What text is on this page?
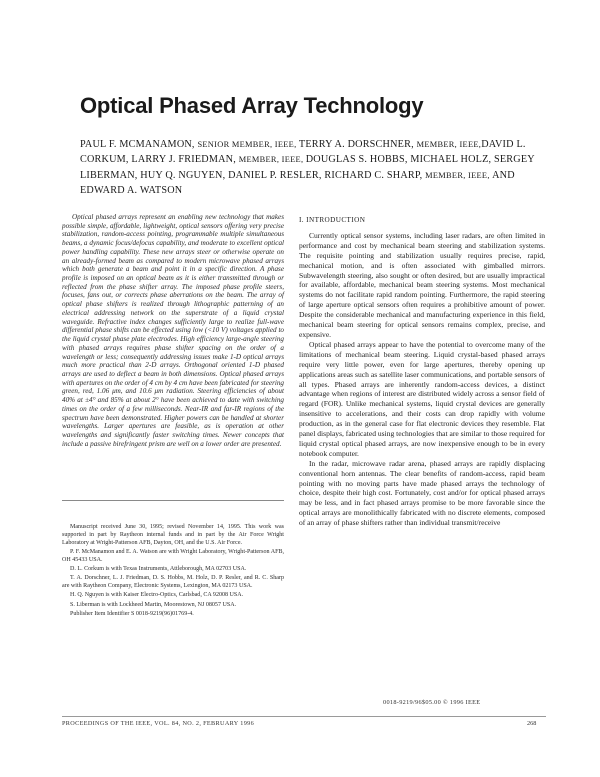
Optical Phased Array Technology
PAUL F. MCMANAMON, SENIOR MEMBER, IEEE, TERRY A. DORSCHNER, MEMBER, IEEE,DAVID L. CORKUM, LARRY J. FRIEDMAN, MEMBER, IEEE, DOUGLAS S. HOBBS, MICHAEL HOLZ, SERGEY LIBERMAN, HUY Q. NGUYEN, DANIEL P. RESLER, RICHARD C. SHARP, MEMBER, IEEE, AND EDWARD A. WATSON

Optical phased arrays represent an enabling new technology that makes possible simple, affordable, lightweight, optical sensors offering very precise stabilization, random-access pointing, programmable multiple simultaneous beams, a dynamic focus/defocus capability, and moderate to excellent optical power handling capability. These new arrays steer or otherwise operate on an already-formed beam as compared to modern microwave phased arrays which both generate a beam and point it in a specific direction. A phase profile is imposed on an optical beam as it is either transmitted through or reflected from the phase shifter array. The imposed phase profile steers, focuses, fans out, or corrects phase aberrations on the beam. The array of optical phase shifters is realized through lithographic patterning of an electrical addressing network on the superstrate of a liquid crystal waveguide. Refractive index changes sufficiently large to realize full-wave differential phase shifts can be effected using low (<10 V) voltages applied to the liquid crystal phase plate electrodes. High efficiency large-angle steering with phased arrays requires phase shifter spacing on the order of a wavelength or less; consequently addressing issues make 1-D optical arrays much more practical than 2-D arrays. Orthogonal oriented 1-D phased arrays are used to deflect a beam in both dimensions. Optical phased arrays with apertures on the order of 4 cm by 4 cm have been fabricated for steering green, red, 1.06 μm, and 10.6 μm radiation. Steering efficiencies of about 40% at ±4° and 85% at about 2° have been achieved to date with switching times on the order of a few milliseconds. Near-IR and far-IR regions of the spectrum have been demonstrated. Higher powers can be handled at shorter wavelengths. Larger apertures are feasible, as is operation at other wavelengths and significantly faster switching times. Newer concepts that include a passive birefringent prism are well on a lower order are presented.

Manuscript received June 30, 1995; revised November 14, 1995. This work was supported in part by Raytheon internal funds and in part by the Air Force Wright Laboratory at Wright-Patterson AFB, Dayton, OH, and the U.S. Air Force.

P. F. McManamon and E. A. Watson are with Wright Laboratory, Wright-Patterson AFB, OH 45433 USA.

D. L. Corkum is with Texas Instruments, Attleborough, MA 02703 USA.

T. A. Dorschner, L. J. Friedman, D. S. Hobbs, M. Holz, D. P. Resler, and R. C. Sharp are with Raytheon Company, Electronic Systems, Lexington, MA 02173 USA.

H. Q. Nguyen is with Kaiser Electro-Optics, Carlsbad, CA 92008 USA.

S. Liberman is with Lockheed Martin, Moorestown, NJ 08057 USA.

Publisher Item Identifier S 0018-9219(96)01769-4.

I. INTRODUCTION

Currently optical sensor systems, including laser radars, are often limited in performance and cost by mechanical beam steering and stabilization systems. The requisite pointing and stabilization usually requires precise, rapid, mechanical motion, and is often associated with gimballed mirrors. Subwavelength steering, also sought or often desired, but are usually impractical for available, affordable, mechanical beam steering systems. Most mechanical systems do not facilitate rapid random pointing. Furthermore, the rapid steering of large aperture optical sensors often requires a prohibitive amount of power. Despite the considerable mechanical and manufacturing experience in this field, mechanical beam steering for optical sensors remains complex, precise, and expensive.

Optical phased arrays appear to have the potential to overcome many of the limitations of mechanical beam steering. Liquid crystal-based phased arrays require very little power, even for large apertures, thereby opening up applications areas such as satellite laser communications, and portable sensors of all types. Phased arrays are inherently random-access devices, a distinct advantage when regions of interest are distributed widely across a sensor field of regard (FOR). Unlike mechanical systems, liquid crystal devices are generally insensitive to accelerations, and their costs can drop rapidly with volume production, as in the general case for flat electronic devices they resemble. Flat panel displays, fabricated using technologies that are similar to those required for liquid crystal optical phased arrays, are now inexpensive enough to be in every notebook computer.

In the radar, microwave radar arena, phased arrays are rapidly displacing conventional horn antennas. The clear benefits of random-access, rapid beam pointing with no moving parts have made phased arrays the technology of choice, despite their high cost. Fortunately, cost and/or for optical phased arrays may be less, and in fact phased arrays promise to be more favorable since the optical arrays are monolithically fabricated with no discrete elements, composed of an array of phase shifters rather than individual transmit/receive

0018-9219/96$05.00 © 1996 IEEE
PROCEEDINGS OF THE IEEE, VOL. 84, NO. 2, FEBRUARY 1996	268
